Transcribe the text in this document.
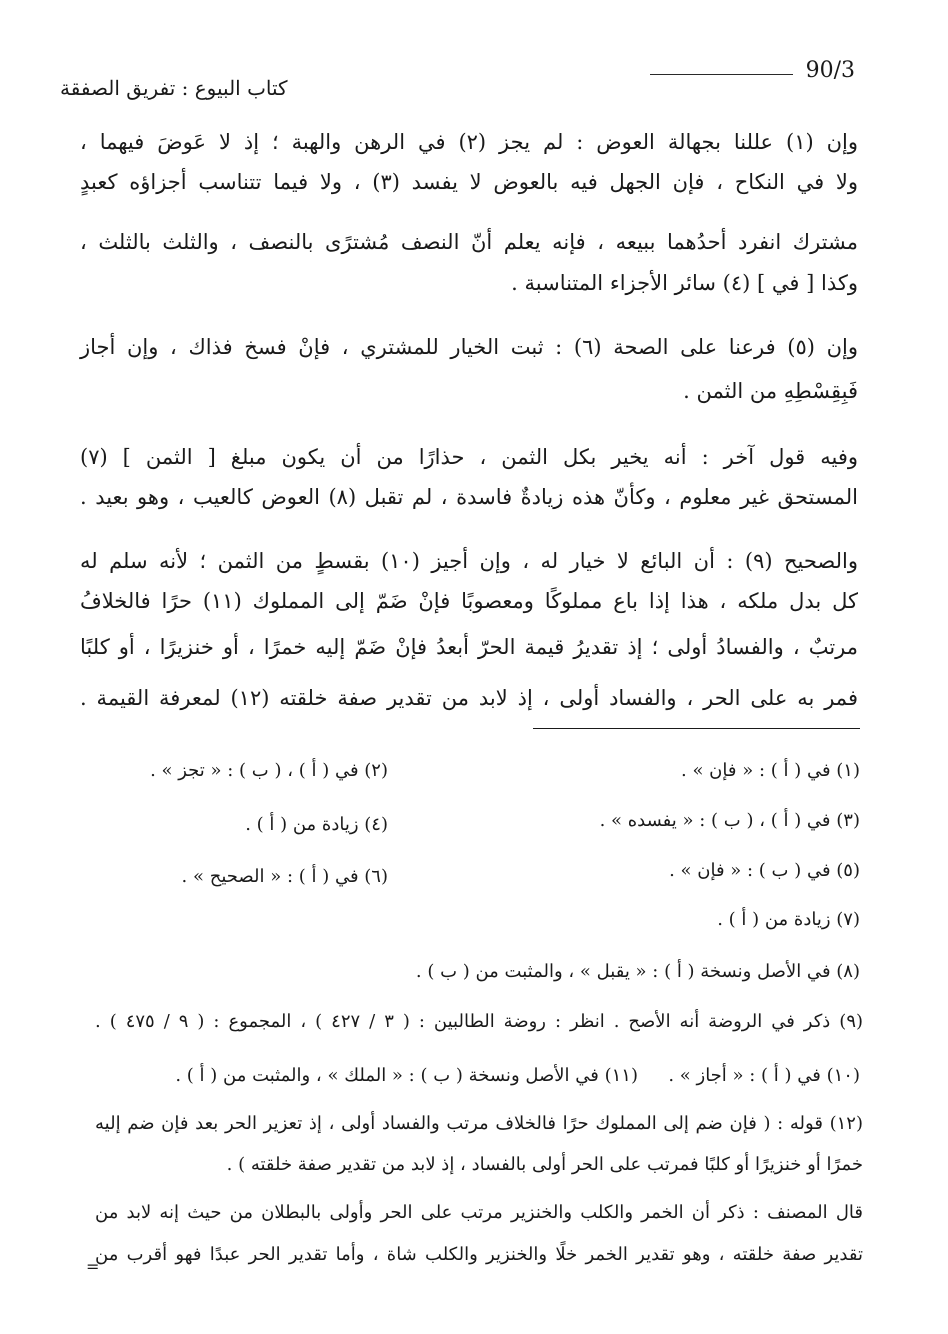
90/3
كتاب البيوع : تفريق الصفقة
وإن (١) عللنا بجهالة العوض : لم يجز (٢) في الرهن والهبة ؛ إذ لا عَوضَ فيهما ،
ولا في النكاح ، فإن الجهل فيه بالعوض لا يفسد (٣) ، ولا فيما تتناسب أجزاؤه كعبدٍ
مشترك انفرد أحدُهما ببيعه ، فإنه يعلم أنّ النصف مُشترًى بالنصف ، والثلث بالثلث ،
وكذا [ في ] (٤) سائر الأجزاء المتناسبة .
وإن (٥) فرعنا على الصحة (٦) : ثبت الخيار للمشتري ، فإنْ فسخ فذاك ، وإن أجاز
فَبِقِسْطِهِ من الثمن .
وفيه قول آخر : أنه يخير بكل الثمن ، حذارًا من أن يكون مبلغ [ الثمن ] (٧)
المستحق غير معلوم ، وكأنّ هذه زيادةٌ فاسدة ، لم تقبل (٨) العوض كالعيب ، وهو بعيد .
والصحيح (٩) : أن البائع لا خيار له ، وإن أجيز (١٠) بقسطٍ من الثمن ؛ لأنه سلم له
كل بدل ملكه ، هذا إذا باع مملوكًا ومعصوبًا فإنْ ضَمّ إلى المملوك (١١) حرًا فالخلافُ
مرتبٌ ، والفسادُ أولى ؛ إذ تقديرُ قيمة الحرّ أبعدُ فإنْ ضَمّ إليه خمرًا ، أو خنزيرًا ، أو كلبًا
فمر به على الحر ، والفساد أولى ، إذ لابد من تقدير صفة خلقته (١٢) لمعرفة القيمة .
(١) في ( أ ) : « فإن » .
(٢) في ( أ ) ، ( ب ) : « تجز » .
(٣) في ( أ ) ، ( ب ) : « يفسده » .
(٤) زيادة من ( أ ) .
(٥) في ( ب ) : « فإن » .
(٦) في ( أ ) : « الصحيح » .
(٧) زيادة من ( أ ) .
(٨) في الأصل ونسخة ( أ ) : « يقبل » ، والمثبت من ( ب ) .
(٩) ذكر في الروضة أنه الأصح . انظر : روضة الطالبين : ( ٣ / ٤٢٧ ) ، المجموع : ( ٩ / ٤٧٥ ) .
(١٠) في ( أ ) : « أجاز » .
(١١) في الأصل ونسخة ( ب ) : « الملك » ، والمثبت من ( أ ) .
(١٢) قوله : ( فإن ضم إلى المملوك حرًا فالخلاف مرتب والفساد أولى ، إذ تعزير الحر بعد فإن ضم إليه
خمرًا أو خنزيرًا أو كلبًا فمرتب على الحر أولى بالفساد ، إذ لابد من تقدير صفة خلقته ) .
قال المصنف : ذكر أن الخمر والكلب والخنزير مرتب على الحر وأولى بالبطلان من حيث إنه لابد من
تقدير صفة خلقته ، وهو تقدير الخمر خلًا والخنزير والكلب شاة ، وأما تقدير الحر عبدًا فهو أقرب من
=
